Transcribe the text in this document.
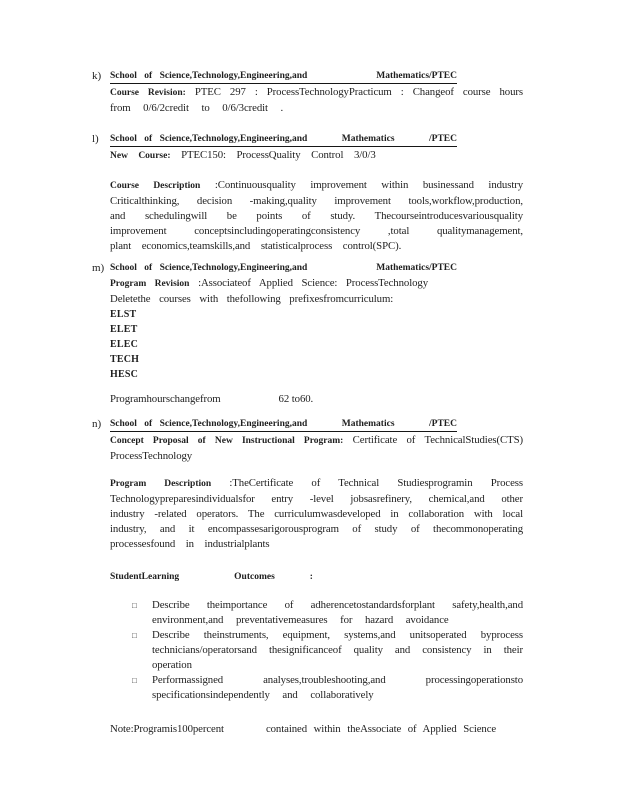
k) School of Science,Technology,Engineering,and	Mathematics/PTEC
Course Revision: PTEC 297 : ProcessTechnologyPracticum : Changeof course hours
from 0/6/2credit to 0/6/3credit .
l) School of Science,Technology,Engineering,and	Mathematics	/PTEC
New Course: PTEC150: ProcessQuality Control 3/0/3
Course Description :Continuousquality improvement within businessand industry
Criticalthinking, decision -making,quality improvement tools,workflow,production,
and schedulingwill be points of study. Thecourseintroducesvariousquality
improvement conceptsincludingoperatingconsistency ,total qualitymanagement,
plant economics,teamskills,and statisticalprocess control(SPC).
m) School of Science,Technology,Engineering,and	Mathematics/PTEC
Program Revision :Associateof Applied Science: ProcessTechnology
Deletethe courses with thefollowing prefixesfromcurriculum:
ELST
ELET
ELEC
TECH
HESC
Programhourschangefrom	62 to60.
n) School of Science,Technology,Engineering,and	Mathematics	/PTEC
Concept Proposal of New Instructional Program: Certificate of TechnicalStudies(CTS)
ProcessTechnology
Program Description :TheCertificate of Technical Studiesprogramin Process
Technologypreparesindividualsfor entry -level jobsasrefinery, chemical,and other
industry -related operators. The curriculumwasdeveloped in collaboration with local
industry, and it encompassesarigorousprogram of study of thecommonoperating
processesfound in industrialplants
StudentLearning	Outcomes	:
□	Describe theimportance of adherencetostandardsforplant safety,health,and
environment,and preventativemeasures for hazard avoidance
□	Describe theinstruments, equipment, systems,and unitsoperated byprocess
technicians/operatorsand thesignificanceof quality and consistency in their
operation
□	Performassigned analyses,troubleshooting,and processingoperationsto
specificationsindependently and collaboratively
Note:Programis100percent	contained within theAssociate of Applied Science
